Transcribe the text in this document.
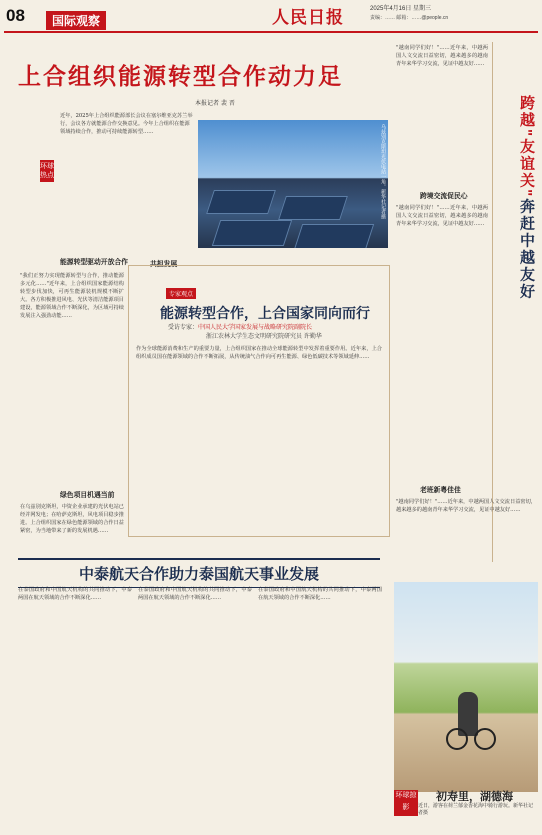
08	国际观察	人民日报	2025年4月16日 星期三
责编：…… 邮箱：……@people.cn
上合组织能源转型合作动力足
本报记者 裴 晋
环球热点
近年，2025年上合组织能源部长会议在塞尔维亚克苏兰举行，会议各方就能源合作交换意见。今年上合组织在能源领域持续合作，推动可持续能源转型……	乌兹别克斯坦光伏电站一角。新华社记者摄
能源转型驱动开放合作
"我们正努力实现能源转型与合作，推动能源多元化……"近年来，上合组织国家能源结构转型步伐加快，可再生能源装机规模不断扩大。各方积极推进风电、光伏等清洁能源项目建设，能源领域合作不断深化，为区域可持续发展注入强劲动能……
绿色项目机遇当前
在乌兹别克斯坦，中资企业承建的光伏电站已经并网发电；在哈萨克斯坦，风电项目稳步推进。上合组织国家在绿色能源领域的合作日益紧密，为当地带来了新的发展机遇……
共担发展
专家观点
能源转型合作，上合国家同向而行
受访专家：中国人民大学国家发展与战略研究院副院长
浙江农林大学生态文明研究院研究员 许勤华
作为全球能源消费和生产的重要力量，上合组织国家在推动全球能源转型中发挥着重要作用。近年来，上合组织成员国在能源领域的合作不断拓展，从传统油气合作向可再生能源、绿色低碳技术等领域延伸……
"越南同学们好！"……近年来，中越两国人文交流日益密切，越来越多的越南青年来华学习交流，见证中越友好……
跨境交流促民心
"越南同学们好！"……近年来，中越两国人文交流日益密切，越来越多的越南青年来华学习交流，见证中越友好……
老班新粤佳佳
"越南同学们好！"……近年来，中越两国人文交流日益密切，越来越多的越南青年来华学习交流，见证中越友好……
跨越"友谊关"奔赶中越友好
中泰航天合作助力泰国航天事业发展
在泰国政府和中国航天机构的共同推动下，中泰两国在航天领域的合作不断深化……
在泰国政府和中国航天机构的共同推动下，中泰两国在航天领域的合作不断深化……
在泰国政府和中国航天机构的共同推动下，中泰两国在航天领域的合作不断深化……
环球掠影
初寿里，湖德海
近日，游客在荷兰郁金香花海中骑行游玩。新华社记者摄
